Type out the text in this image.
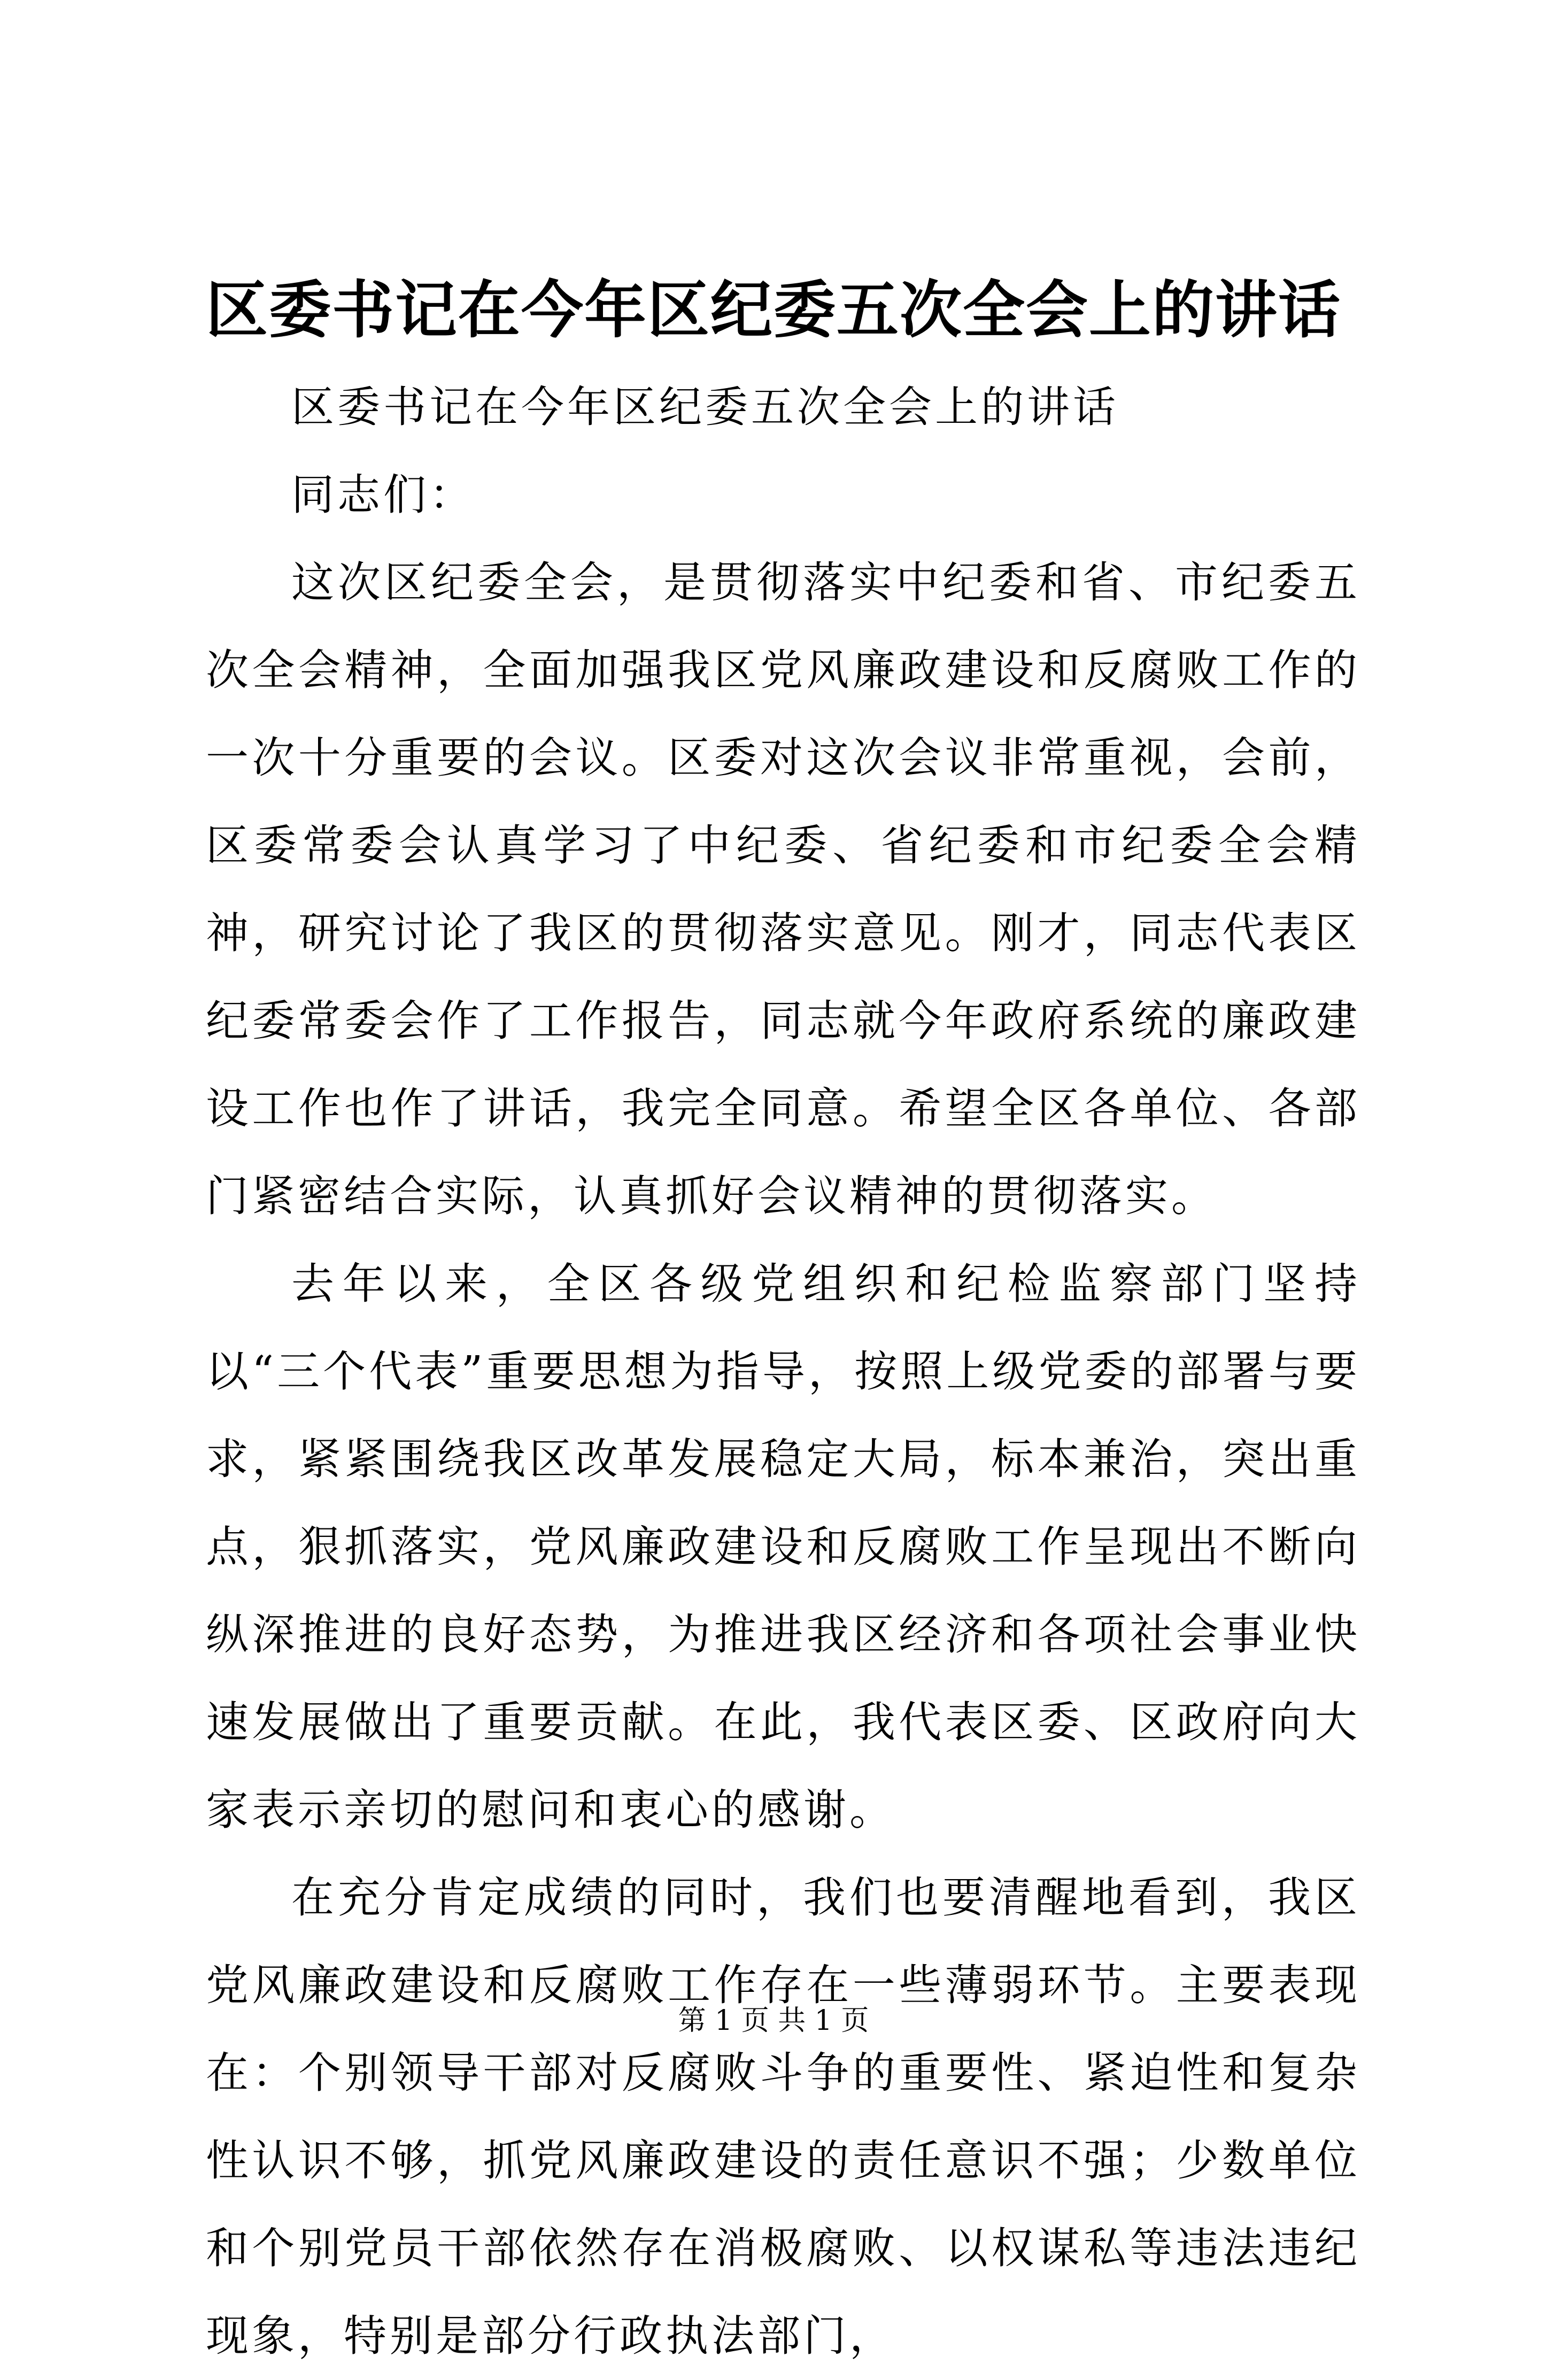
区委书记在今年区纪委五次全会上的讲话

区委书记在今年区纪委五次全会上的讲话

同志们：

这次区纪委全会，是贯彻落实中纪委和省、市纪委五次全会精神，全面加强我区党风廉政建设和反腐败工作的一次十分重要的会议。区委对这次会议非常重视，会前，区委常委会认真学习了中纪委、省纪委和市纪委全会精神，研究讨论了我区的贯彻落实意见。刚才，同志代表区纪委常委会作了工作报告，同志就今年政府系统的廉政建设工作也作了讲话，我完全同意。希望全区各单位、各部门紧密结合实际，认真抓好会议精神的贯彻落实。

去年以来，全区各级党组织和纪检监察部门坚持以“三个代表”重要思想为指导，按照上级党委的部署与要求，紧紧围绕我区改革发展稳定大局，标本兼治，突出重点，狠抓落实，党风廉政建设和反腐败工作呈现出不断向纵深推进的良好态势，为推进我区经济和各项社会事业快速发展做出了重要贡献。在此，我代表区委、区政府向大家表示亲切的慰问和衷心的感谢。

在充分肯定成绩的同时，我们也要清醒地看到，我区党风廉政建设和反腐败工作存在一些薄弱环节。主要表现在：个别领导干部对反腐败斗争的重要性、紧迫性和复杂性认识不够，抓党风廉政建设的责任意识不强；少数单位和个别党员干部依然存在消极腐败、以权谋私等违法违纪现象，特别是部分行政执法部门，

第 1 页 共 1 页
